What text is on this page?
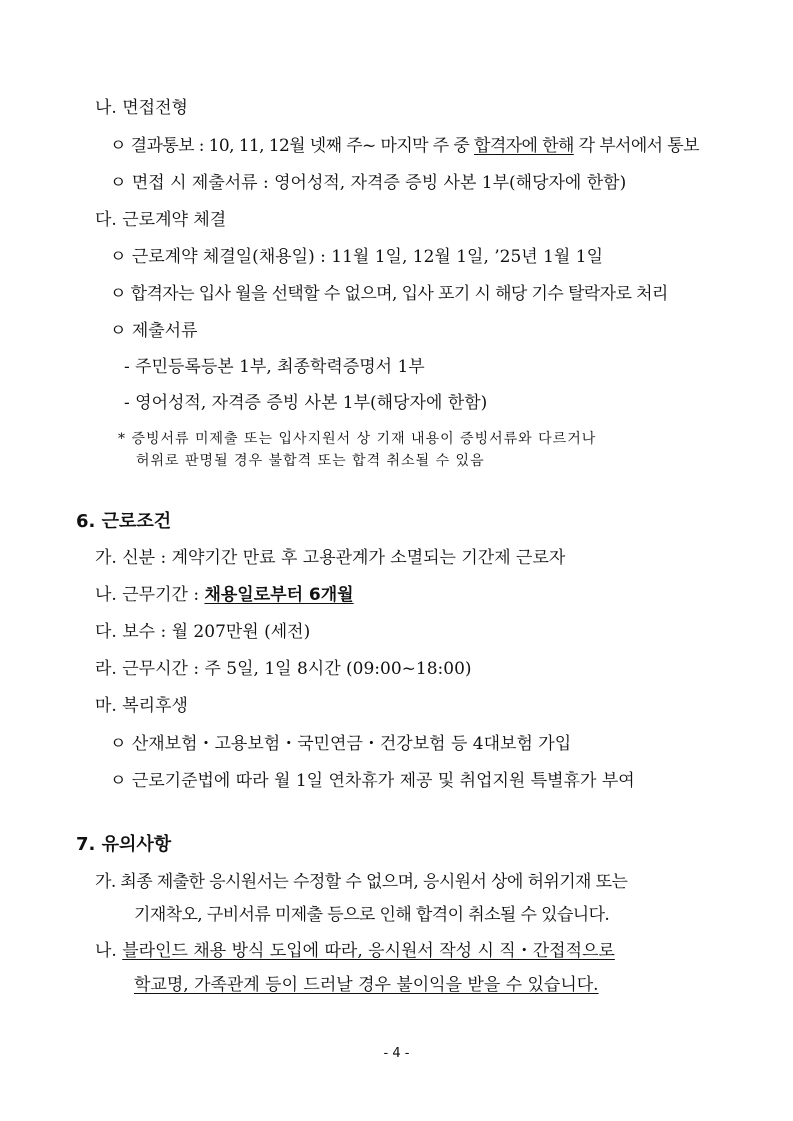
나. 면접전형
ㅇ 결과통보 : 10, 11, 12월 넷째 주~ 마지막 주 중 합격자에 한해 각 부서에서 통보
ㅇ 면접 시 제출서류 : 영어성적, 자격증 증빙 사본 1부(해당자에 한함)
다. 근로계약 체결
ㅇ 근로계약 체결일(채용일) : 11월 1일, 12월 1일, ’25년 1월 1일
ㅇ 합격자는 입사 월을 선택할 수 없으며, 입사 포기 시 해당 기수 탈락자로 처리
ㅇ 제출서류
- 주민등록등본 1부, 최종학력증명서 1부
- 영어성적, 자격증 증빙 사본 1부(해당자에 한함)
* 증빙서류 미제출 또는 입사지원서 상 기재 내용이 증빙서류와 다르거나
허위로 판명될 경우 불합격 또는 합격 취소될 수 있음
6. 근로조건
가. 신분 : 계약기간 만료 후 고용관계가 소멸되는 기간제 근로자
나. 근무기간 : 채용일로부터 6개월
다. 보수 : 월 207만원 (세전)
라. 근무시간 : 주 5일, 1일 8시간 (09:00~18:00)
마. 복리후생
ㅇ 산재보험・고용보험・국민연금・건강보험 등 4대보험 가입
ㅇ 근로기준법에 따라 월 1일 연차휴가 제공 및 취업지원 특별휴가 부여
7. 유의사항
가. 최종 제출한 응시원서는 수정할 수 없으며, 응시원서 상에 허위기재 또는
기재착오, 구비서류 미제출 등으로 인해 합격이 취소될 수 있습니다.
나. 블라인드 채용 방식 도입에 따라, 응시원서 작성 시 직・간접적으로
학교명, 가족관계 등이 드러날 경우 불이익을 받을 수 있습니다.
- 4 -
